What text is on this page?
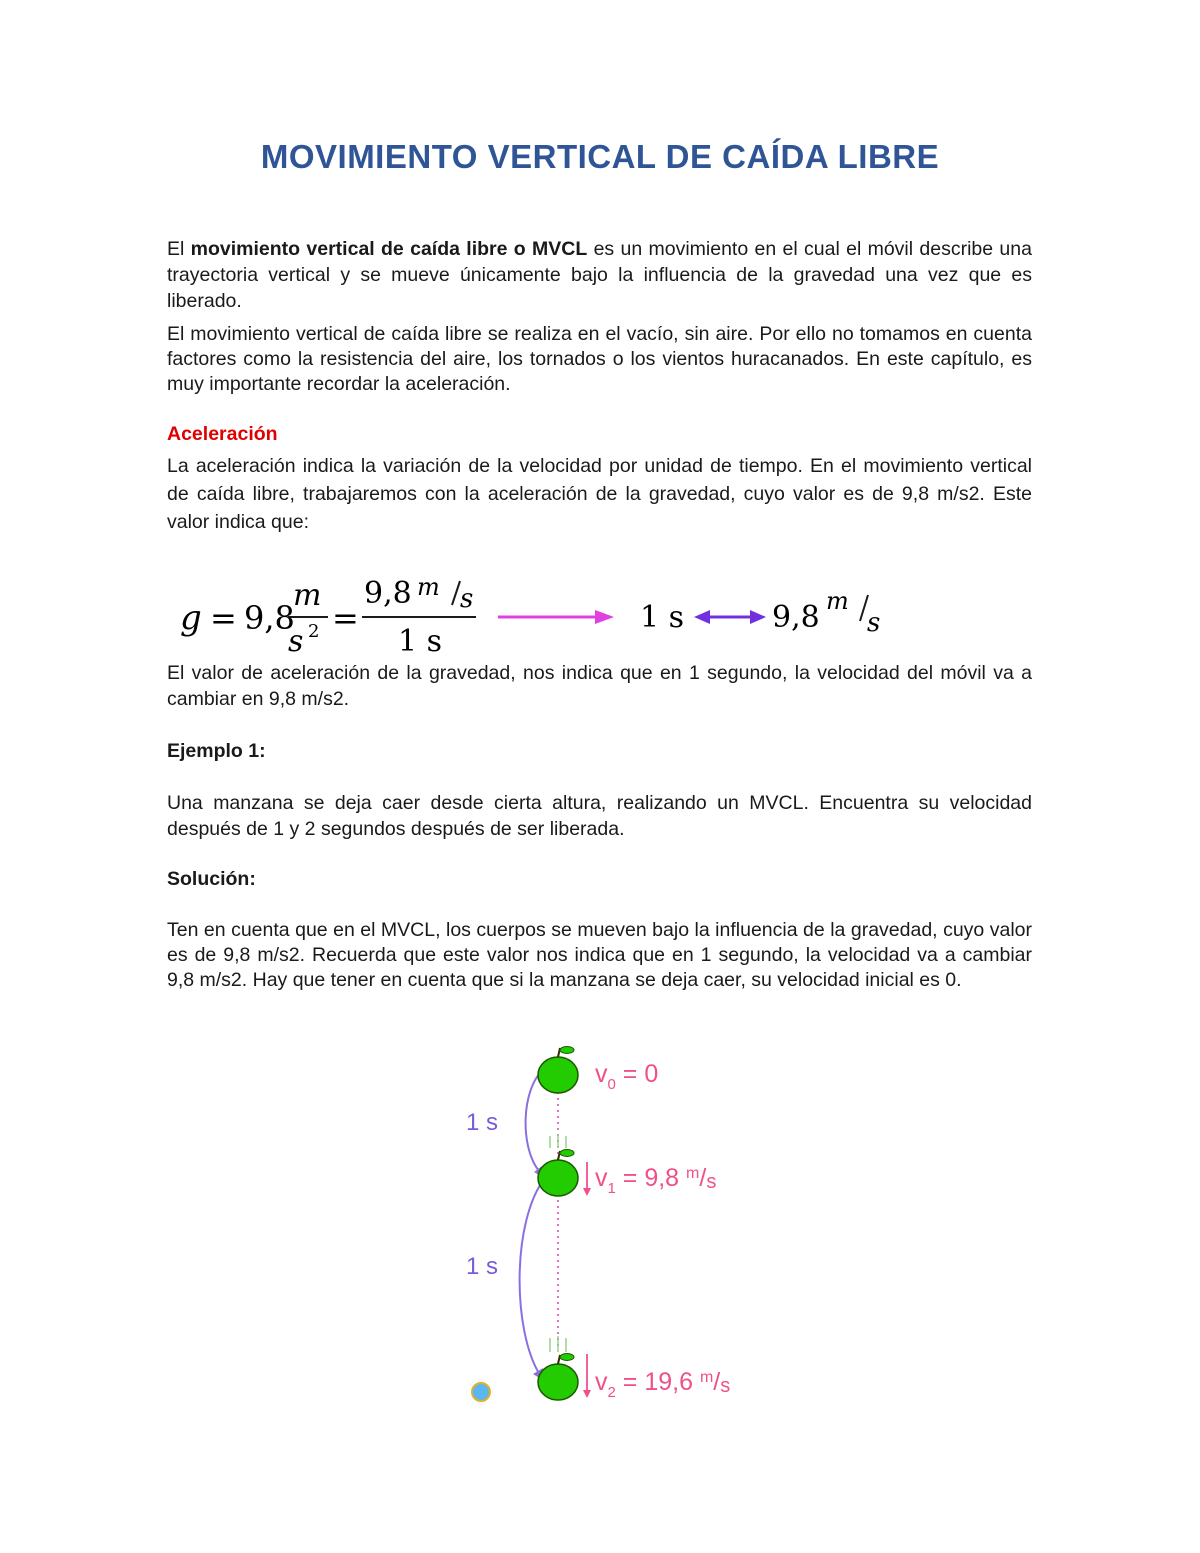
MOVIMIENTO VERTICAL DE CAÍDA LIBRE

El movimiento vertical de caída libre o MVCL es un movimiento en el cual el móvil describe una trayectoria vertical y se mueve únicamente bajo la influencia de la gravedad una vez que es liberado.

El movimiento vertical de caída libre se realiza en el vacío, sin aire. Por ello no tomamos en cuenta factores como la resistencia del aire, los tornados o los vientos huracanados. En este capítulo, es muy importante recordar la aceleración.

Aceleración

La aceleración indica la variación de la velocidad por unidad de tiempo. En el movimiento vertical de caída libre, trabajaremos con la aceleración de la gravedad, cuyo valor es de 9,8 m/s2. Este valor indica que:

g = 9,8
m
s 2 =
9,8 m s
1 s
1 s	9,8 m
s

El valor de aceleración de la gravedad, nos indica que en 1 segundo, la velocidad del móvil va a cambiar en 9,8 m/s2.

Ejemplo 1:

Una manzana se deja caer desde cierta altura, realizando un MVCL. Encuentra su velocidad después de 1 y 2 segundos después de ser liberada.

Solución:

Ten en cuenta que en el MVCL, los cuerpos se mueven bajo la influencia de la gravedad, cuyo valor es de 9,8 m/s2. Recuerda que este valor nos indica que en 1 segundo, la velocidad va a cambiar 9,8 m/s2. Hay que tener en cuenta que si la manzana se deja caer, su velocidad inicial es 0.

1 s
1 s
$v_0 = 0$
$v_1 = 9,8$ $^m$/s
$v_2 = 19,6$ $^m$/s
